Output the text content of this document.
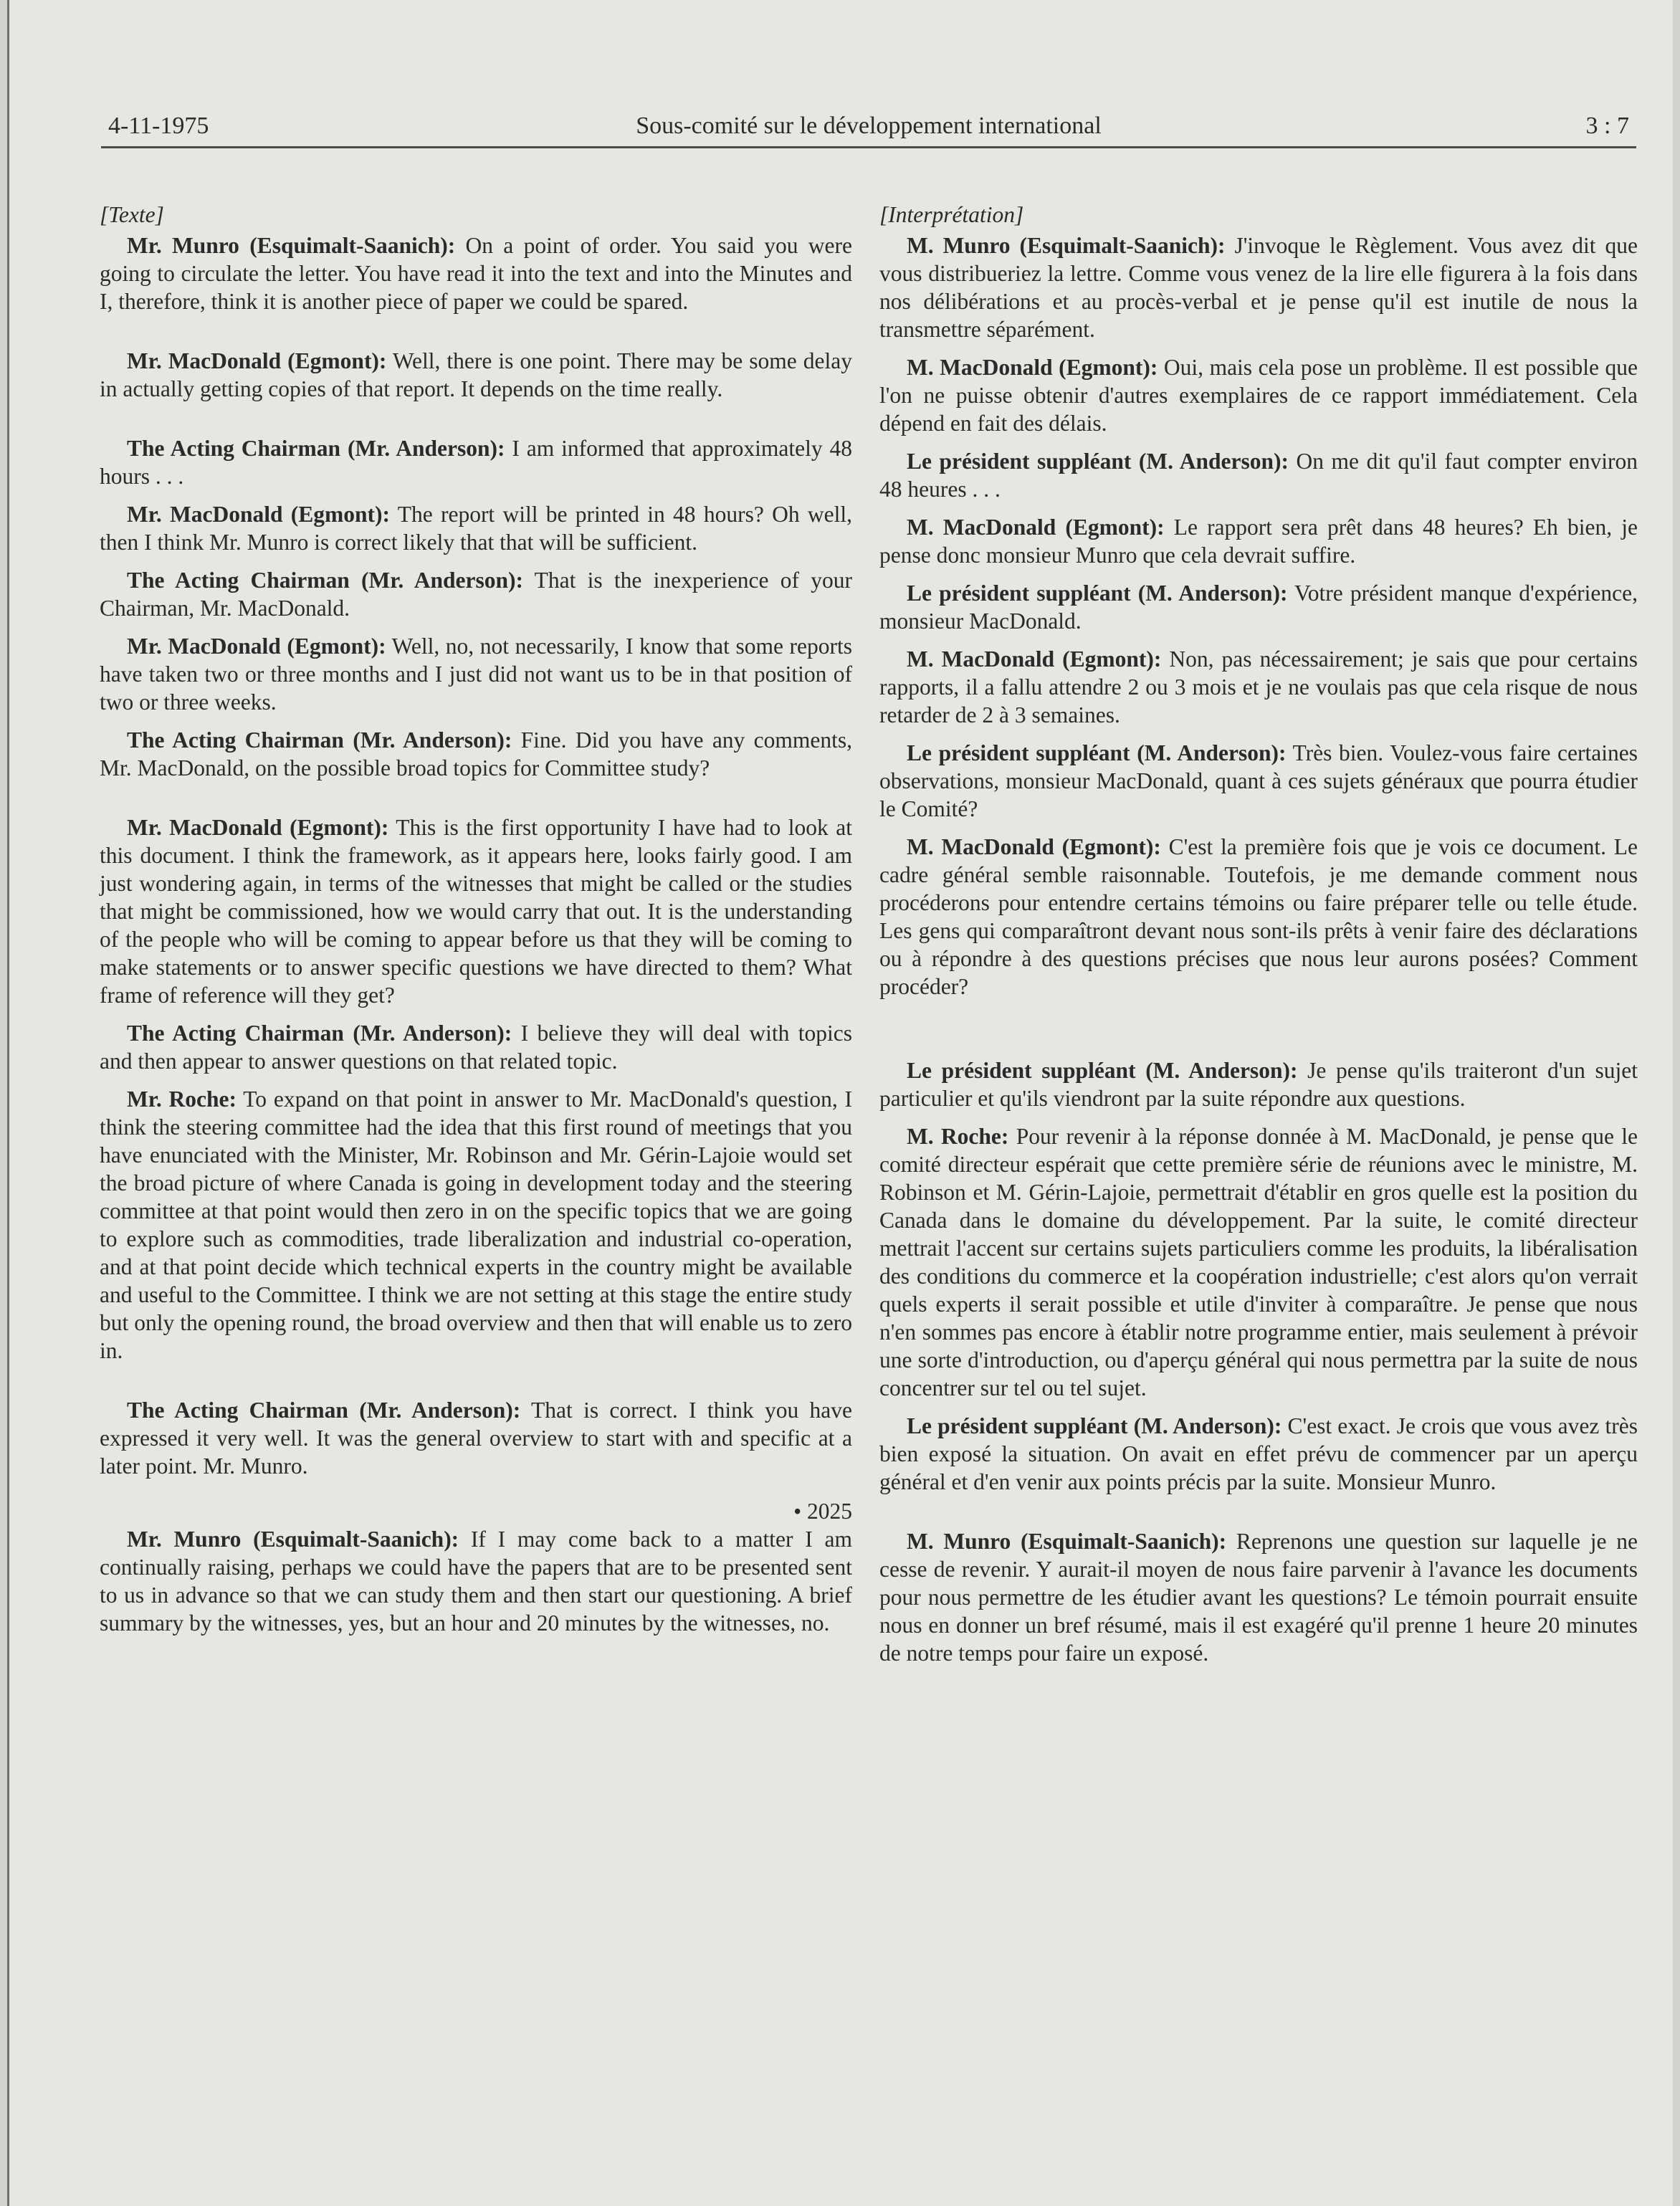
4-11-1975	Sous-comité sur le développement international	3 : 7

[Texte]

Mr. Munro (Esquimalt-Saanich): On a point of order. You said you were going to circulate the letter. You have read it into the text and into the Minutes and I, therefore, think it is another piece of paper we could be spared.

Mr. MacDonald (Egmont): Well, there is one point. There may be some delay in actually getting copies of that report. It depends on the time really.

The Acting Chairman (Mr. Anderson): I am informed that approximately 48 hours . . .

Mr. MacDonald (Egmont): The report will be printed in 48 hours? Oh well, then I think Mr. Munro is correct likely that that will be sufficient.

The Acting Chairman (Mr. Anderson): That is the inexperience of your Chairman, Mr. MacDonald.

Mr. MacDonald (Egmont): Well, no, not necessarily, I know that some reports have taken two or three months and I just did not want us to be in that position of two or three weeks.

The Acting Chairman (Mr. Anderson): Fine. Did you have any comments, Mr. MacDonald, on the possible broad topics for Committee study?

Mr. MacDonald (Egmont): This is the first opportunity I have had to look at this document. I think the framework, as it appears here, looks fairly good. I am just wondering again, in terms of the witnesses that might be called or the studies that might be commissioned, how we would carry that out. It is the understanding of the people who will be coming to appear before us that they will be coming to make statements or to answer specific questions we have directed to them? What frame of reference will they get?

The Acting Chairman (Mr. Anderson): I believe they will deal with topics and then appear to answer questions on that related topic.

Mr. Roche: To expand on that point in answer to Mr. MacDonald's question, I think the steering committee had the idea that this first round of meetings that you have enunciated with the Minister, Mr. Robinson and Mr. Gérin-Lajoie would set the broad picture of where Canada is going in development today and the steering committee at that point would then zero in on the specific topics that we are going to explore such as commodities, trade liberalization and industrial co-operation, and at that point decide which technical experts in the country might be available and useful to the Committee. I think we are not setting at this stage the entire study but only the opening round, the broad overview and then that will enable us to zero in.

The Acting Chairman (Mr. Anderson): That is correct. I think you have expressed it very well. It was the general overview to start with and specific at a later point. Mr. Munro.

• 2025

Mr. Munro (Esquimalt-Saanich): If I may come back to a matter I am continually raising, perhaps we could have the papers that are to be presented sent to us in advance so that we can study them and then start our questioning. A brief summary by the witnesses, yes, but an hour and 20 minutes by the witnesses, no.

[Interprétation]

M. Munro (Esquimalt-Saanich): J'invoque le Règlement. Vous avez dit que vous distribueriez la lettre. Comme vous venez de la lire elle figurera à la fois dans nos délibérations et au procès-verbal et je pense qu'il est inutile de nous la transmettre séparément.

M. MacDonald (Egmont): Oui, mais cela pose un problème. Il est possible que l'on ne puisse obtenir d'autres exemplaires de ce rapport immédiatement. Cela dépend en fait des délais.

Le président suppléant (M. Anderson): On me dit qu'il faut compter environ 48 heures . . .

M. MacDonald (Egmont): Le rapport sera prêt dans 48 heures? Eh bien, je pense donc monsieur Munro que cela devrait suffire.

Le président suppléant (M. Anderson): Votre président manque d'expérience, monsieur MacDonald.

M. MacDonald (Egmont): Non, pas nécessairement; je sais que pour certains rapports, il a fallu attendre 2 ou 3 mois et je ne voulais pas que cela risque de nous retarder de 2 à 3 semaines.

Le président suppléant (M. Anderson): Très bien. Voulez-vous faire certaines observations, monsieur MacDonald, quant à ces sujets généraux que pourra étudier le Comité?

M. MacDonald (Egmont): C'est la première fois que je vois ce document. Le cadre général semble raisonnable. Toutefois, je me demande comment nous procéderons pour entendre certains témoins ou faire préparer telle ou telle étude. Les gens qui comparaîtront devant nous sont-ils prêts à venir faire des déclarations ou à répondre à des questions précises que nous leur aurons posées? Comment procéder?

Le président suppléant (M. Anderson): Je pense qu'ils traiteront d'un sujet particulier et qu'ils viendront par la suite répondre aux questions.

M. Roche: Pour revenir à la réponse donnée à M. MacDonald, je pense que le comité directeur espérait que cette première série de réunions avec le ministre, M. Robinson et M. Gérin-Lajoie, permettrait d'établir en gros quelle est la position du Canada dans le domaine du développement. Par la suite, le comité directeur mettrait l'accent sur certains sujets particuliers comme les produits, la libéralisation des conditions du commerce et la coopération industrielle; c'est alors qu'on verrait quels experts il serait possible et utile d'inviter à comparaître. Je pense que nous n'en sommes pas encore à établir notre programme entier, mais seulement à prévoir une sorte d'introduction, ou d'aperçu général qui nous permettra par la suite de nous concentrer sur tel ou tel sujet.

Le président suppléant (M. Anderson): C'est exact. Je crois que vous avez très bien exposé la situation. On avait en effet prévu de commencer par un aperçu général et d'en venir aux points précis par la suite. Monsieur Munro.

M. Munro (Esquimalt-Saanich): Reprenons une question sur laquelle je ne cesse de revenir. Y aurait-il moyen de nous faire parvenir à l'avance les documents pour nous permettre de les étudier avant les questions? Le témoin pourrait ensuite nous en donner un bref résumé, mais il est exagéré qu'il prenne 1 heure 20 minutes de notre temps pour faire un exposé.
